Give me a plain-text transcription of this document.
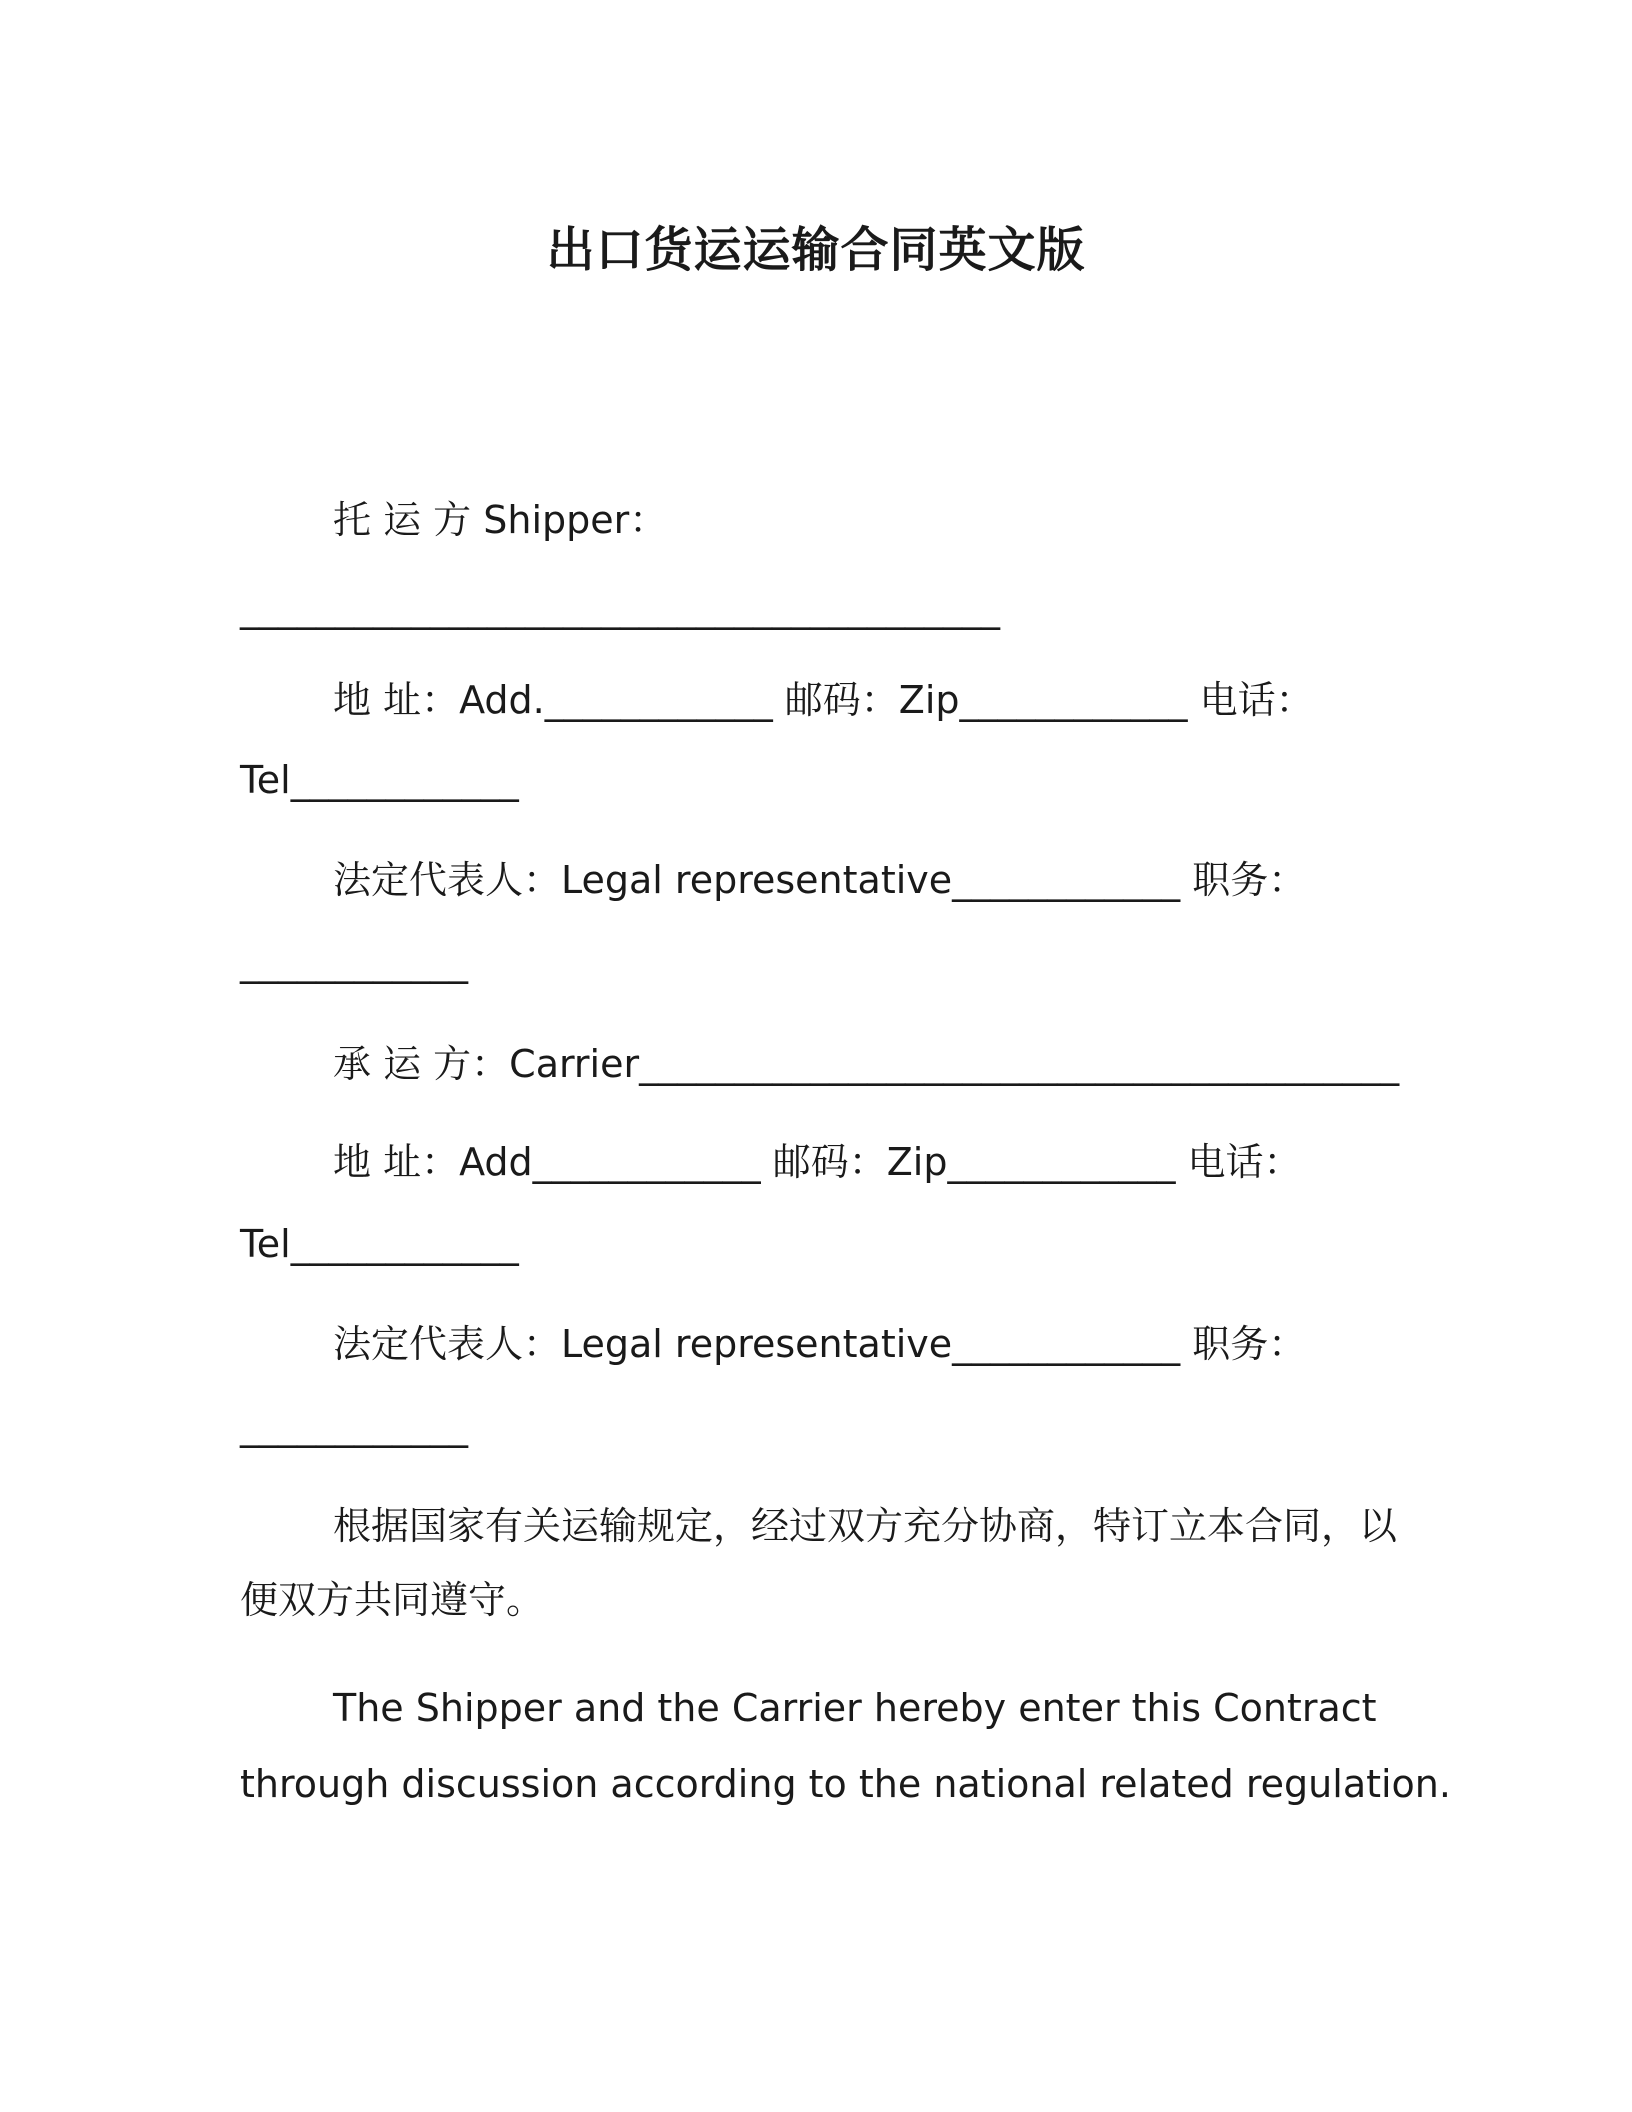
出口货运运输合同英文版
托 运 方 Shipper：
________________________________________
地 址：Add.____________ 邮码：Zip____________ 电话：
Tel____________
法定代表人：Legal representative____________ 职务：
____________
承 运 方：Carrier________________________________________
地 址：Add____________ 邮码：Zip____________ 电话：
Tel____________
法定代表人：Legal representative____________ 职务：
____________
根据国家有关运输规定，经过双方充分协商，特订立本合同，以
便双方共同遵守。
The Shipper and the Carrier hereby enter this Contract
through discussion according to the national related regulation.
